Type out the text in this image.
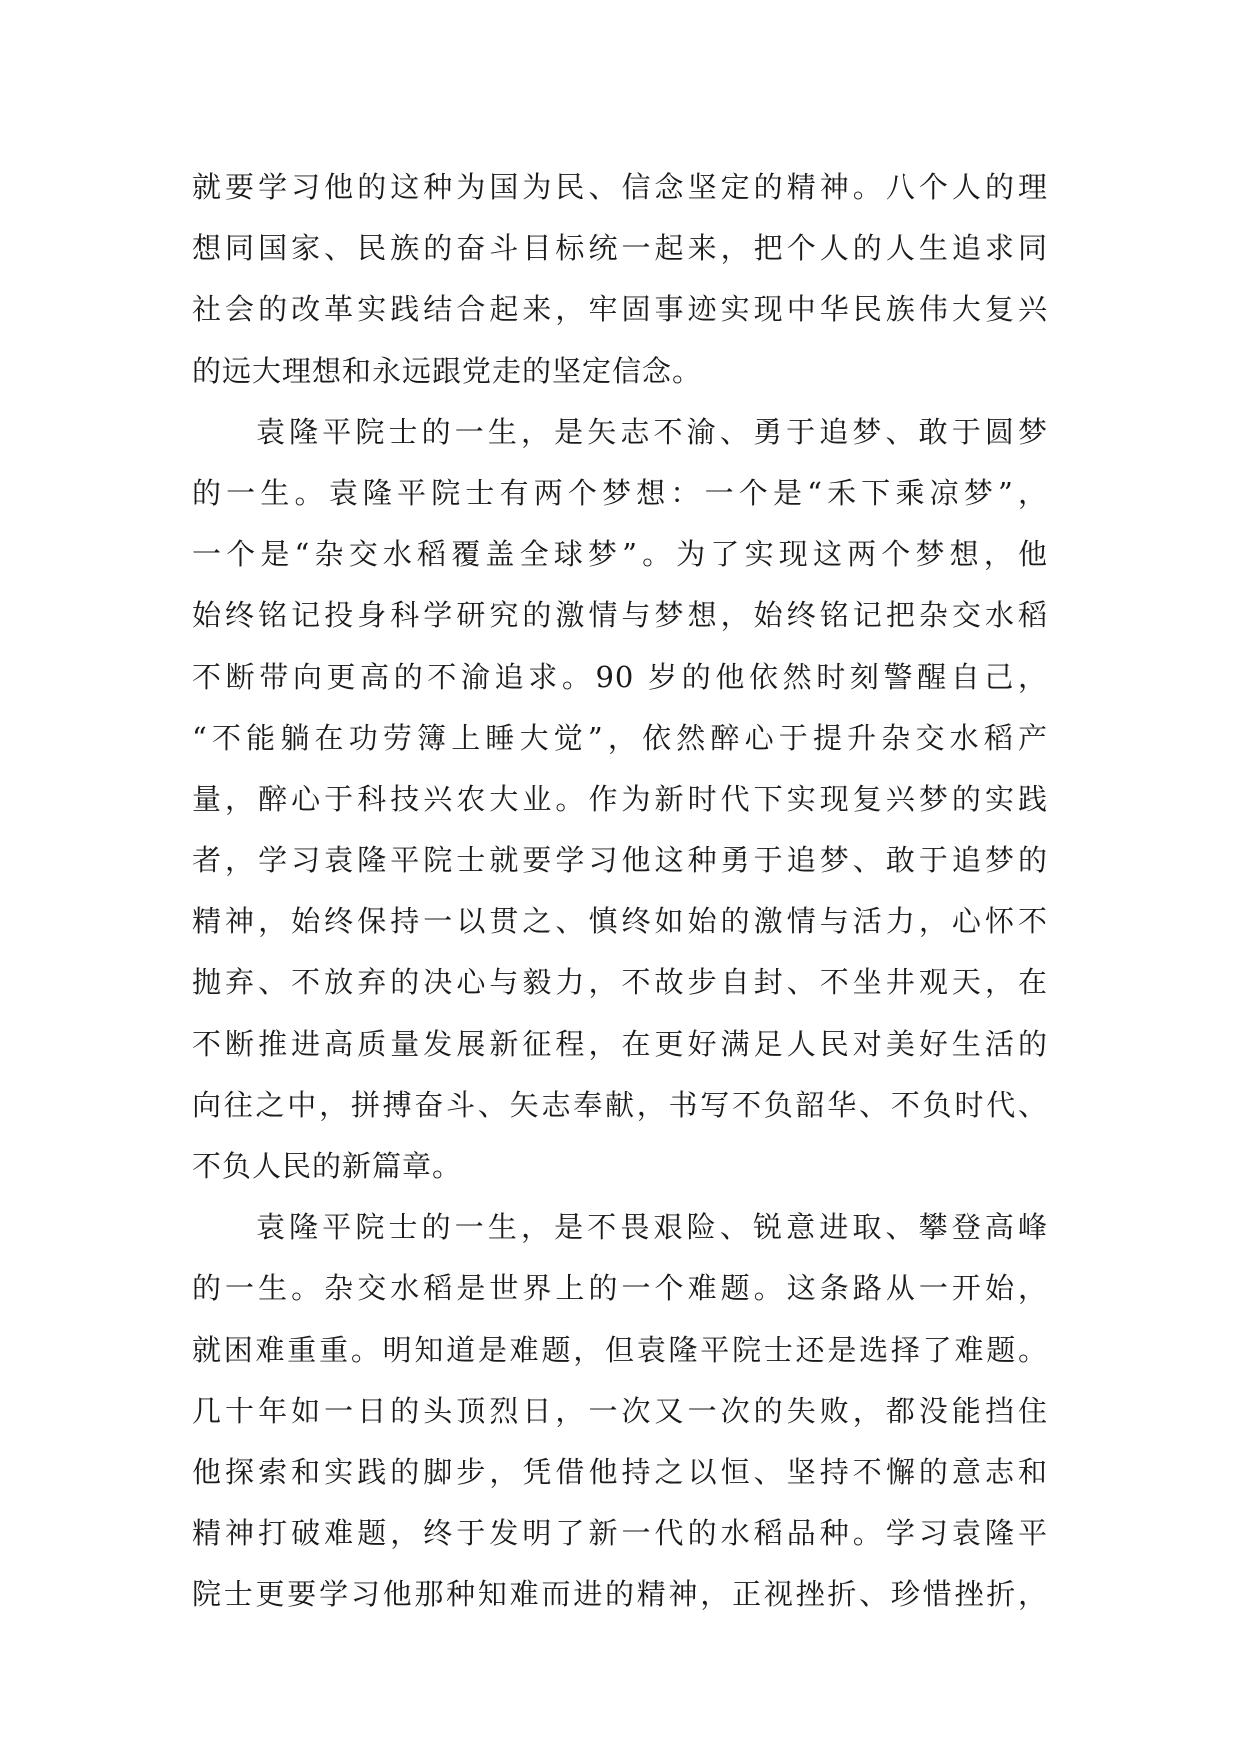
就要学习他的这种为国为民、信念坚定的精神。八个人的理
想同国家、民族的奋斗目标统一起来，把个人的人生追求同
社会的改革实践结合起来，牢固事迹实现中华民族伟大复兴
的远大理想和永远跟党走的坚定信念。
袁隆平院士的一生，是矢志不渝、勇于追梦、敢于圆梦
的一生。袁隆平院士有两个梦想：一个是“禾下乘凉梦”，
一个是“杂交水稻覆盖全球梦”。为了实现这两个梦想，他
始终铭记投身科学研究的激情与梦想，始终铭记把杂交水稻
不断带向更高的不渝追求。90 岁的他依然时刻警醒自己，
“不能躺在功劳簿上睡大觉”，依然醉心于提升杂交水稻产
量，醉心于科技兴农大业。作为新时代下实现复兴梦的实践
者，学习袁隆平院士就要学习他这种勇于追梦、敢于追梦的
精神，始终保持一以贯之、慎终如始的激情与活力，心怀不
抛弃、不放弃的决心与毅力，不故步自封、不坐井观天，在
不断推进高质量发展新征程，在更好满足人民对美好生活的
向往之中，拼搏奋斗、矢志奉献，书写不负韶华、不负时代、
不负人民的新篇章。
袁隆平院士的一生，是不畏艰险、锐意进取、攀登高峰
的一生。杂交水稻是世界上的一个难题。这条路从一开始，
就困难重重。明知道是难题，但袁隆平院士还是选择了难题。
几十年如一日的头顶烈日，一次又一次的失败，都没能挡住
他探索和实践的脚步，凭借他持之以恒、坚持不懈的意志和
精神打破难题，终于发明了新一代的水稻品种。学习袁隆平
院士更要学习他那种知难而进的精神，正视挫折、珍惜挫折，
